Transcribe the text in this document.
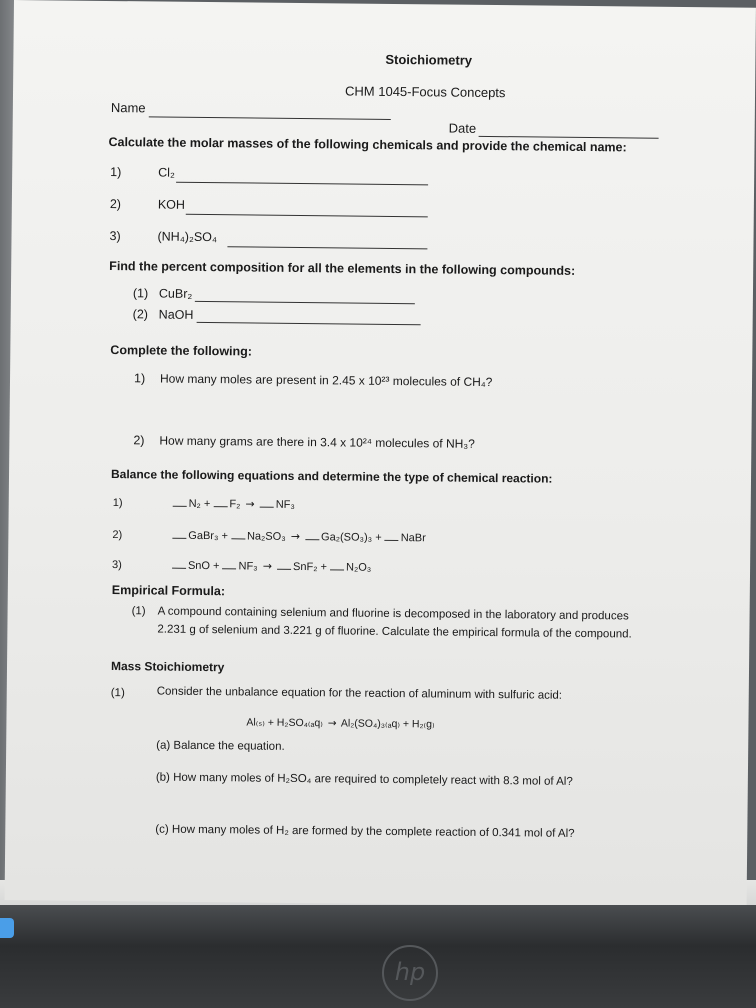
Stoichiometry
CHM 1045-Focus Concepts
Name
Date
Calculate the molar masses of the following chemicals and provide the chemical name:
1)	Cl₂
2)	KOH
3)	(NH₄)₂SO₄
Find the percent composition for all the elements in the following compounds:
(1) CuBr₂
(2) NaOH
Complete the following:
1) How many moles are present in 2.45 x 10²³ molecules of CH₄?
2) How many grams are there in 3.4 x 10²⁴ molecules of NH₃?
Balance the following equations and determine the type of chemical reaction:
1)	N₂ + F₂ → NF₃
2)	GaBr₃ + Na₂SO₃ → Ga₂(SO₃)₃ + NaBr
3)	SnO + NF₃ → SnF₂ + N₂O₃
Empirical Formula:
(1) A compound containing selenium and fluorine is decomposed in the laboratory and produces
2.231 g of selenium and 3.221 g of fluorine. Calculate the empirical formula of the compound.
Mass Stoichiometry
(1)	Consider the unbalance equation for the reaction of aluminum with sulfuric acid:
Al₍ₛ₎ + H₂SO₄₍ₐq₎ → Al₂(SO₄)₃₍ₐq₎ + H₂₍g₎
(a) Balance the equation.
(b) How many moles of H₂SO₄ are required to completely react with 8.3 mol of Al?
(c) How many moles of H₂ are formed by the complete reaction of 0.341 mol of Al?
hp
